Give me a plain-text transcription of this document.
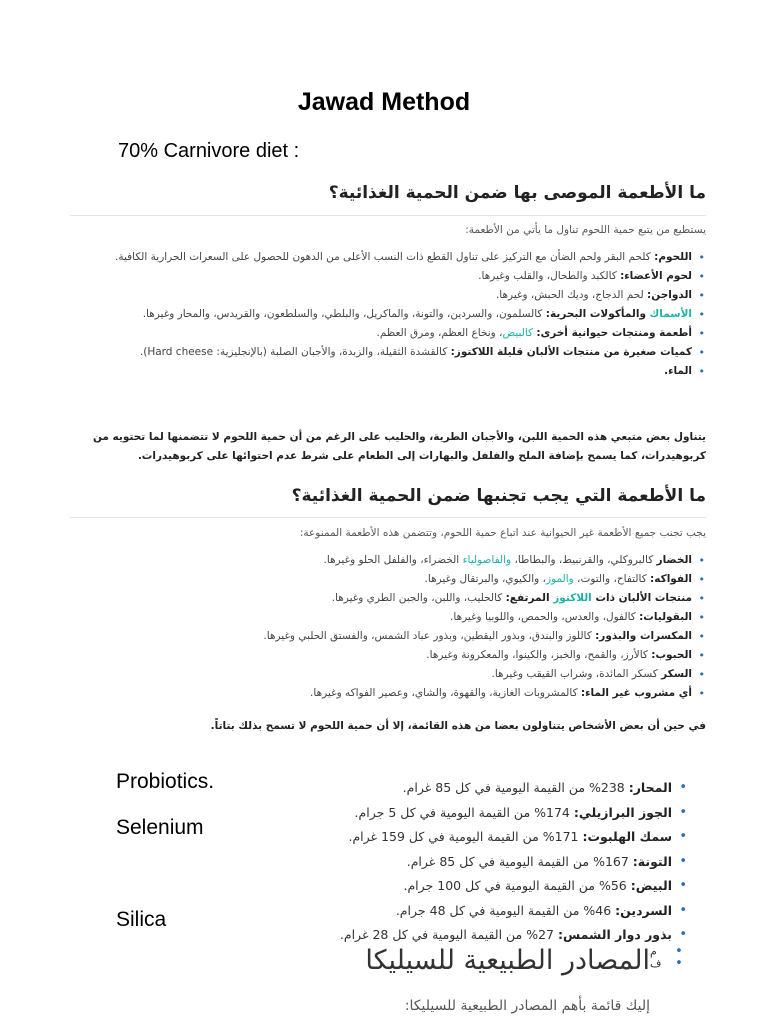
Jawad Method
70% Carnivore diet :
ما الأطعمة الموصى بها ضمن الحمية الغذائية؟
يستطيع من يتبع حمية اللحوم تناول ما يأتي من الأطعمة:
• اللحوم: كلحم البقر ولحم الضأن مع التركيز على تناول القطع ذات النسب الأعلى من الدهون للحصول على السعرات الحرارية الكافية.
• لحوم الأعضاء: كالكبد والطحال، والقلب وغيرها.
• الدواجن: لحم الدجاج، وديك الحبش، وغيرها.
• الأسماك والمأكولات البحرية: كالسلمون، والسردين، والتونة، والماكريل، والبلطي، والسلطعون، والقريدس، والمحار وغيرها.
• أطعمة ومنتجات حيوانية أخرى: كالبيض، ونخاع العظم، ومرق العظم.
• كميات صغيرة من منتجات الألبان قليلة اللاكتوز: كالقشدة الثقيلة، والزبدة، والأجبان الصلبة (بالإنجليزية: Hard cheese).
• الماء.
يتناول بعض متبعي هذه الحمية اللبن، والأجبان الطرية، والحليب على الرغم من أن حمية اللحوم لا تتضمنها لما تحتويه من كربوهيدرات، كما يسمح بإضافة الملح والفلفل والبهارات إلى الطعام على شرط عدم احتوائها على كربوهيدرات.
ما الأطعمة التي يجب تجنبها ضمن الحمية الغذائية؟
يجب تجنب جميع الأطعمة غير الحيوانية عند اتباع حمية اللحوم، وتتضمن هذه الأطعمة الممنوعة:
• الخضار كالبروكلي، والقرنبيط، والبطاطا، والفاصولياء الخضراء، والفلفل الحلو وغيرها.
• الفواكه: كالتفاح، والتوت، والموز، والكيوي، والبرتقال وغيرها.
• منتجات الألبان ذات اللاكتوز المرتفع: كالحليب، واللبن، والجبن الطري وغيرها.
• البقوليات: كالفول، والعدس، والحمص، واللوبيا وغيرها.
• المكسرات والبذور: كاللوز والبندق، وبذور اليقطين، وبذور عباد الشمس، والفستق الحلبي وغيرها.
• الحبوب: كالأرز، والقمح، والخبز، والكينوا، والمعكرونة وغيرها.
• السكر كسكر المائدة، وشراب القيقب وغيرها.
• أي مشروب غير الماء: كالمشروبات الغازية، والقهوة، والشاي، وعصير الفواكه وغيرها.
في حين أن بعض الأشخاص يتناولون بعضا من هذه القائمة، إلا أن حمية اللحوم لا تسمح بذلك بتاتاً.
Probiotics.
Selenium
Silica
• المحار: 238% من القيمة اليومية في كل 85 غرام.
• الجوز البرازيلي: 174% من القيمة اليومية في كل 5 جرام.
• سمك الهلبوت: 171% من القيمة اليومية في كل 159 غرام.
• التونة: 167% من القيمة اليومية في كل 85 غرام.
• البيض: 56% من القيمة اليومية في كل 100 جرام.
• السردين: 46% من القيمة اليومية في كل 48 جرام.
• بذور دوار الشمس: 27% من القيمة اليومية في كل 28 غرام.
•
•
م ف
المصادر الطبيعية للسيليكا
إليك قائمة بأهم المصادر الطبيعية للسيليكا:
